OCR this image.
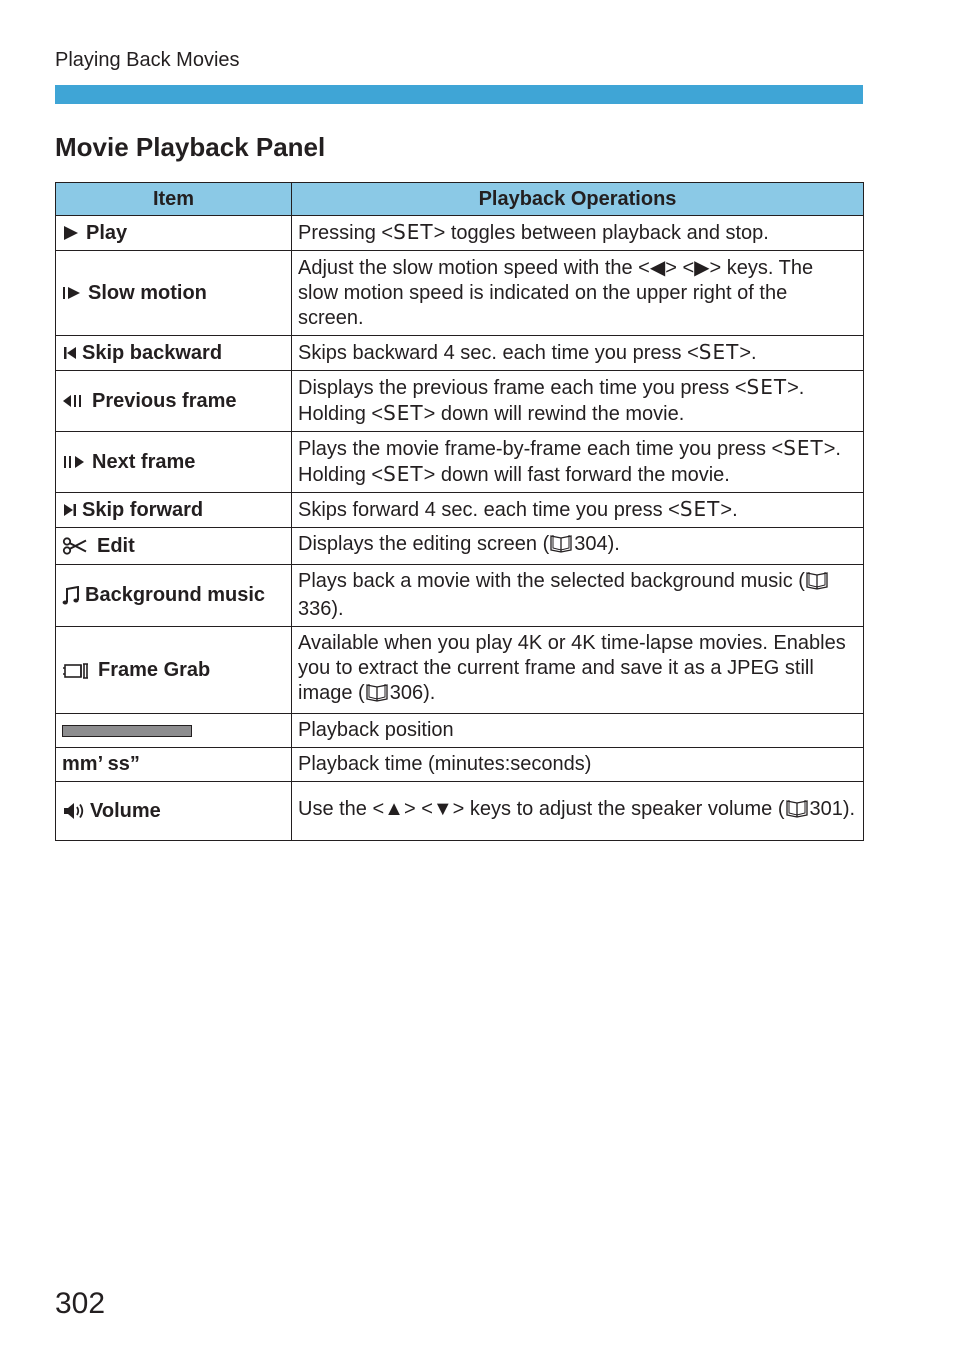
Playing Back Movies
Movie Playback Panel
Item	Playback Operations

Play	Pressing <SET> toggles between playback and stop.

Slow motion	Adjust the slow motion speed with the <◀> <▶> keys. The slow motion speed is indicated on the upper right of the screen.

Skip backward	Skips backward 4 sec. each time you press <SET>.

Previous frame	Displays the previous frame each time you press <SET>. Holding <SET> down will rewind the movie.

Next frame	Plays the movie frame-by-frame each time you press <SET>. Holding <SET> down will fast forward the movie.

Skip forward	Skips forward 4 sec. each time you press <SET>.

Edit	Displays the editing screen ( 304).

Background music	Plays back a movie with the selected background music (336).

Frame Grab	Available when you play 4K or 4K time-lapse movies. Enables you to extract the current frame and save it as a JPEG still image ( 306).
	Playback position
mm’ ss”	Playback time (minutes:seconds)

Volume	Use the <▲> <▼> keys to adjust the speaker volume ( 301).
302
